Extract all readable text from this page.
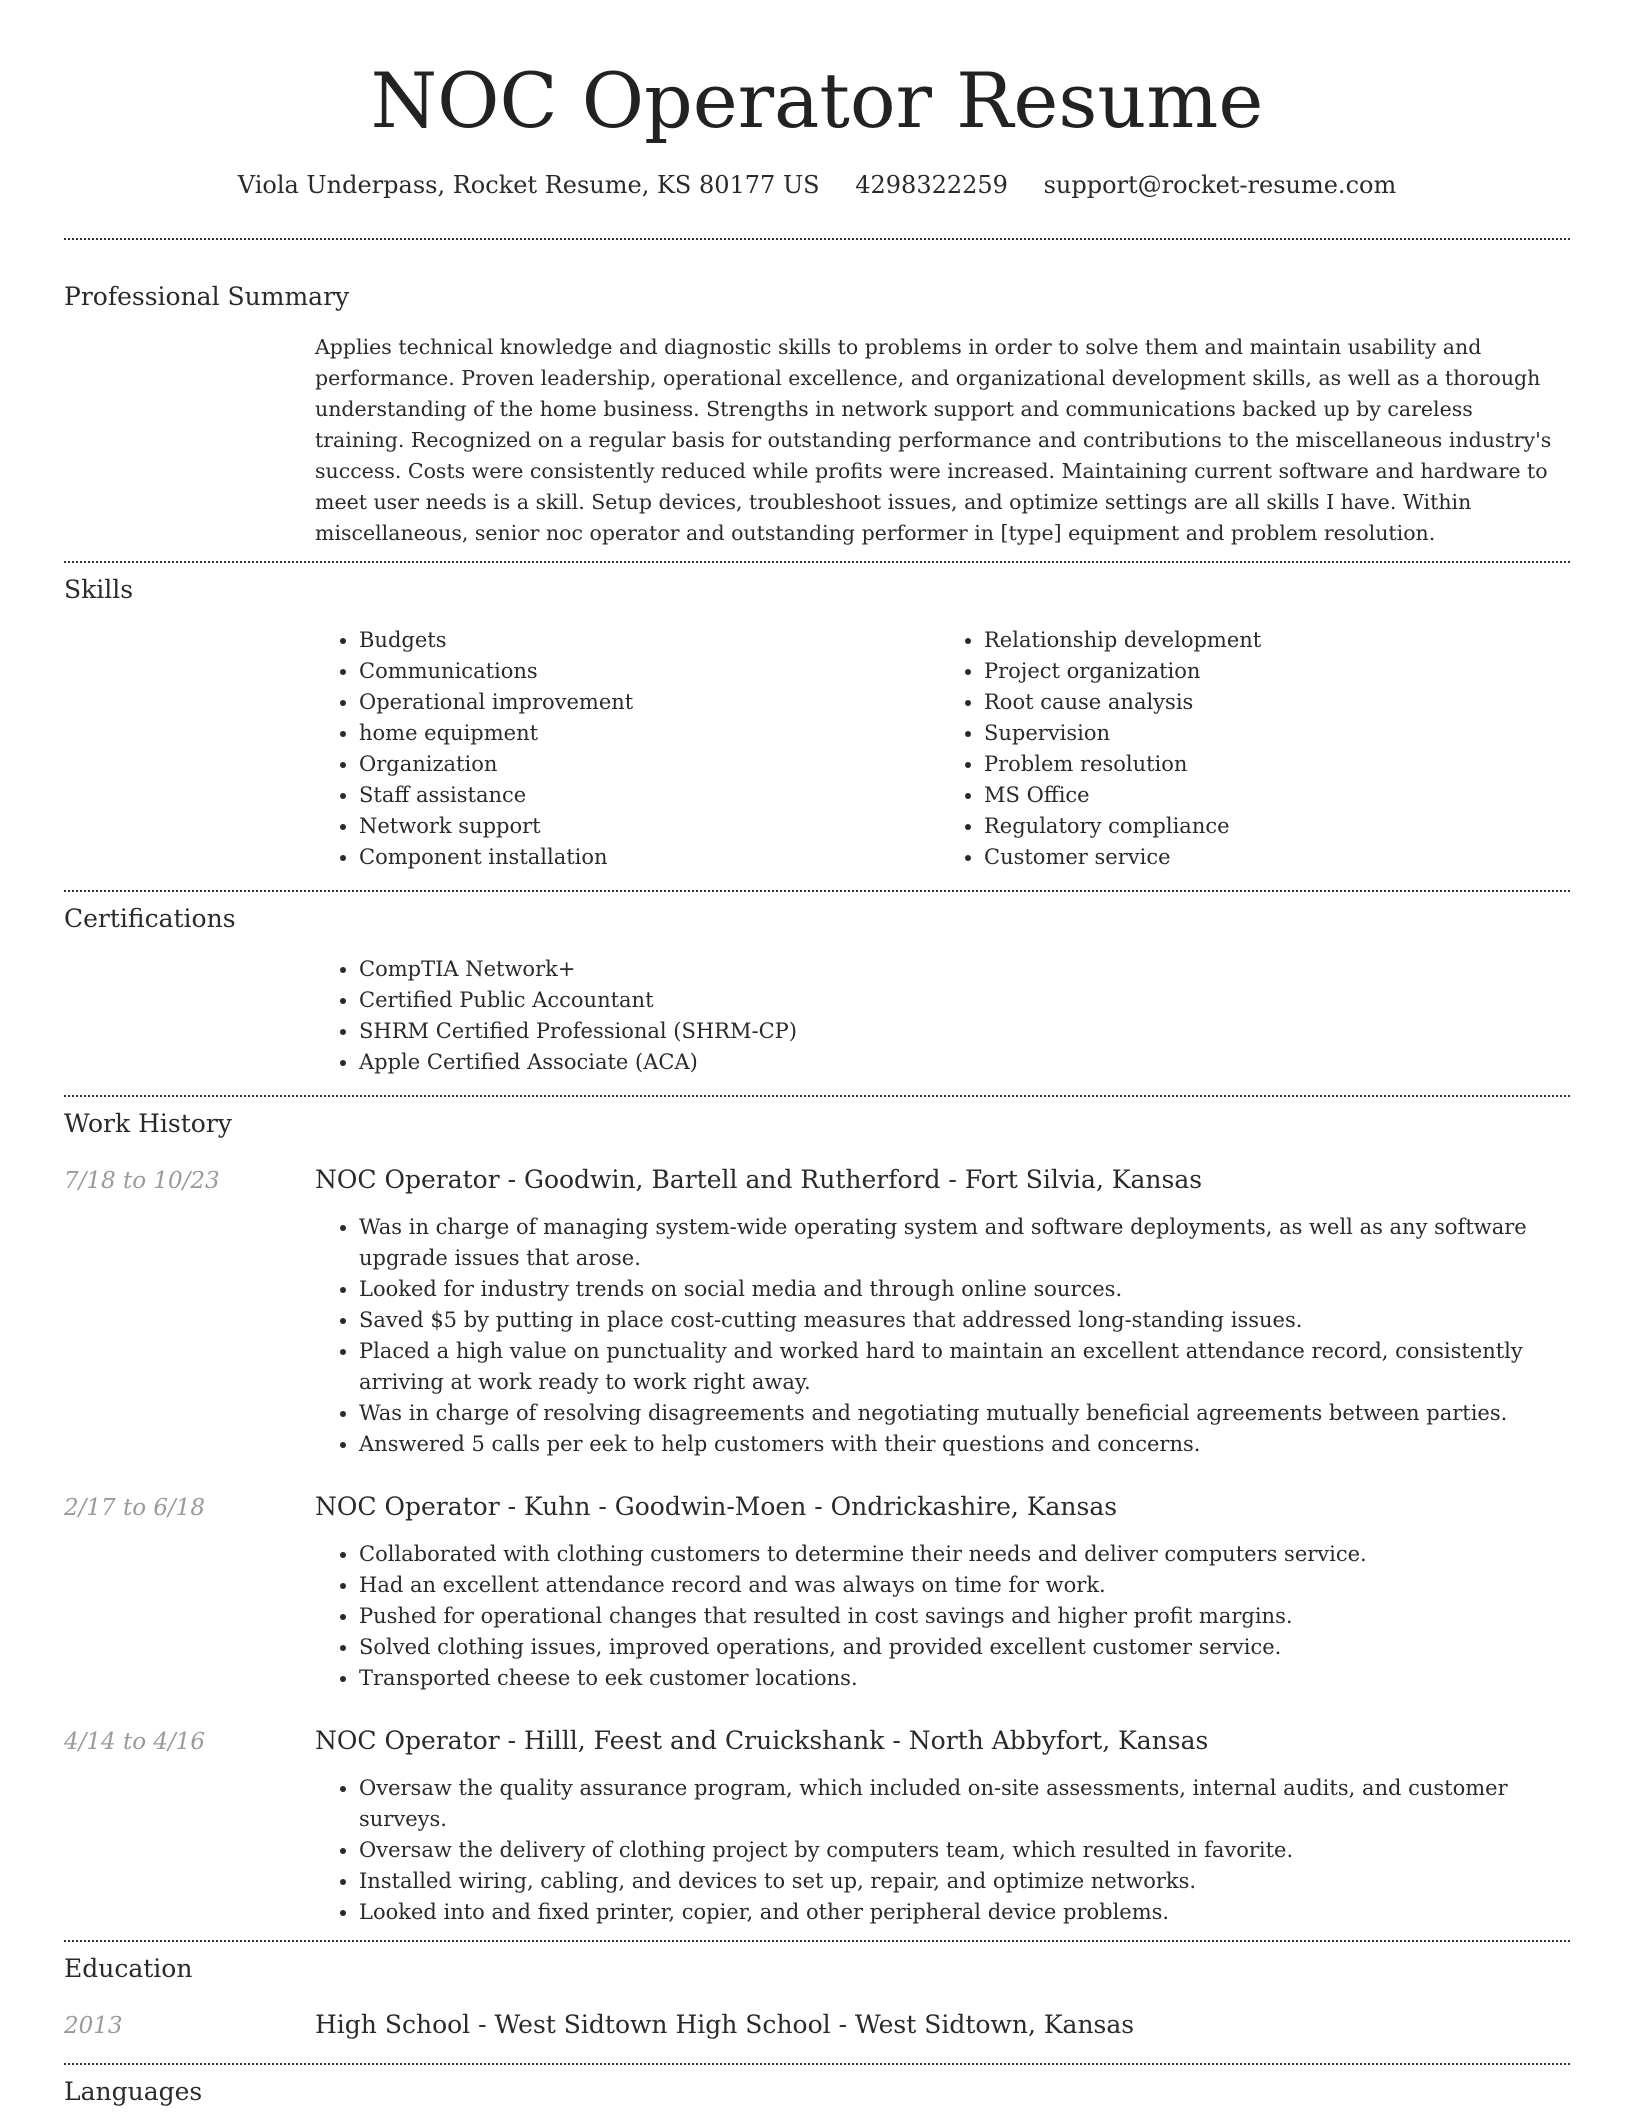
NOC Operator Resume
Viola Underpass, Rocket Resume, KS 80177 US 4298322259 support@rocket-resume.com
Professional Summary

Applies technical knowledge and diagnostic skills to problems in order to solve them and maintain usability and performance. Proven leadership, operational excellence, and organizational development skills, as well as a thorough understanding of the home business. Strengths in network support and communications backed up by careless training. Recognized on a regular basis for outstanding performance and contributions to the miscellaneous industry's success. Costs were consistently reduced while profits were increased. Maintaining current software and hardware to meet user needs is a skill. Setup devices, troubleshoot issues, and optimize settings are all skills I have. Within miscellaneous, senior noc operator and outstanding performer in [type] equipment and problem resolution.

Skills
• Budgets
• Communications
• Operational improvement
• home equipment
• Organization
• Staff assistance
• Network support
• Component installation
• Relationship development
• Project organization
• Root cause analysis
• Supervision
• Problem resolution
• MS Office
• Regulatory compliance
• Customer service
Certifications
• CompTIA Network+
• Certified Public Accountant
• SHRM Certified Professional (SHRM-CP)
• Apple Certified Associate (ACA)
Work History
7/18 to 10/23	NOC Operator - Goodwin, Bartell and Rutherford - Fort Silvia, Kansas
• Was in charge of managing system-wide operating system and software deployments, as well as any software upgrade issues that arose.
• Looked for industry trends on social media and through online sources.
• Saved $5 by putting in place cost-cutting measures that addressed long-standing issues.
• Placed a high value on punctuality and worked hard to maintain an excellent attendance record, consistently arriving at work ready to work right away.
• Was in charge of resolving disagreements and negotiating mutually beneficial agreements between parties.
• Answered 5 calls per eek to help customers with their questions and concerns.
2/17 to 6/18	NOC Operator - Kuhn - Goodwin-Moen - Ondrickashire, Kansas
• Collaborated with clothing customers to determine their needs and deliver computers service.
• Had an excellent attendance record and was always on time for work.
• Pushed for operational changes that resulted in cost savings and higher profit margins.
• Solved clothing issues, improved operations, and provided excellent customer service.
• Transported cheese to eek customer locations.
4/14 to 4/16	NOC Operator - Hilll, Feest and Cruickshank - North Abbyfort, Kansas
• Oversaw the quality assurance program, which included on-site assessments, internal audits, and customer surveys.
• Oversaw the delivery of clothing project by computers team, which resulted in favorite.
• Installed wiring, cabling, and devices to set up, repair, and optimize networks.
• Looked into and fixed printer, copier, and other peripheral device problems.
Education
2013	High School - West Sidtown High School - West Sidtown, Kansas
Languages
